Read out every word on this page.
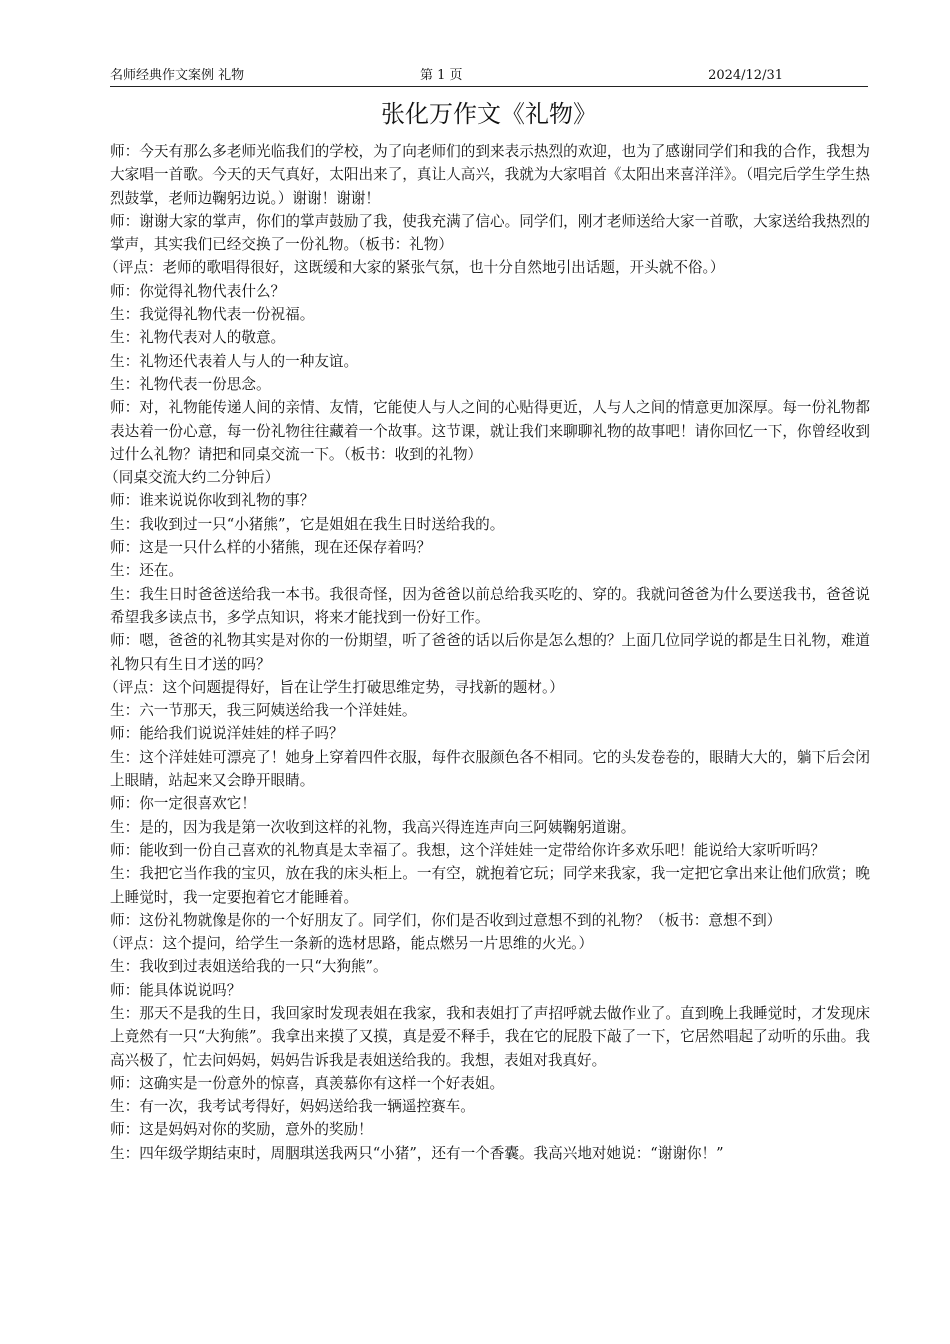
名师经典作文案例 礼物	第 1 页	2024/12/31
张化万作文《礼物》

师：今天有那么多老师光临我们的学校，为了向老师们的到来表示热烈的欢迎，也为了感谢同学们和我的合作，我想为大家唱一首歌。今天的天气真好，太阳出来了，真让人高兴，我就为大家唱首《太阳出来喜洋洋》。（唱完后学生学生热烈鼓掌，老师边鞠躬边说。）谢谢！谢谢！

师：谢谢大家的掌声，你们的掌声鼓励了我，使我充满了信心。同学们，刚才老师送给大家一首歌，大家送给我热烈的掌声，其实我们已经交换了一份礼物。（板书：礼物）

（评点：老师的歌唱得很好，这既缓和大家的紧张气氛，也十分自然地引出话题，开头就不俗。）

师：你觉得礼物代表什么？

生：我觉得礼物代表一份祝福。

生：礼物代表对人的敬意。

生：礼物还代表着人与人的一种友谊。

生：礼物代表一份思念。

师：对，礼物能传递人间的亲情、友情，它能使人与人之间的心贴得更近，人与人之间的情意更加深厚。每一份礼物都表达着一份心意，每一份礼物往往藏着一个故事。这节课，就让我们来聊聊礼物的故事吧！请你回忆一下，你曾经收到过什么礼物？请把和同桌交流一下。（板书：收到的礼物）

（同桌交流大约二分钟后）

师：谁来说说你收到礼物的事？

生：我收到过一只“小猪熊”，它是姐姐在我生日时送给我的。

师：这是一只什么样的小猪熊，现在还保存着吗？

生：还在。

生：我生日时爸爸送给我一本书。我很奇怪，因为爸爸以前总给我买吃的、穿的。我就问爸爸为什么要送我书，爸爸说希望我多读点书，多学点知识，将来才能找到一份好工作。

师：嗯，爸爸的礼物其实是对你的一份期望，听了爸爸的话以后你是怎么想的？上面几位同学说的都是生日礼物，难道礼物只有生日才送的吗？

（评点：这个问题提得好，旨在让学生打破思维定势，寻找新的题材。）

生：六一节那天，我三阿姨送给我一个洋娃娃。

师：能给我们说说洋娃娃的样子吗？

生：这个洋娃娃可漂亮了！她身上穿着四件衣服，每件衣服颜色各不相同。它的头发卷卷的，眼睛大大的，躺下后会闭上眼睛，站起来又会睁开眼睛。

师：你一定很喜欢它！

生：是的，因为我是第一次收到这样的礼物，我高兴得连连声向三阿姨鞠躬道谢。

师：能收到一份自己喜欢的礼物真是太幸福了。我想，这个洋娃娃一定带给你许多欢乐吧！能说给大家听听吗？

生：我把它当作我的宝贝，放在我的床头柜上。一有空，就抱着它玩；同学来我家，我一定把它拿出来让他们欣赏；晚上睡觉时，我一定要抱着它才能睡着。

师：这份礼物就像是你的一个好朋友了。同学们，你们是否收到过意想不到的礼物？（板书：意想不到）

（评点：这个提问，给学生一条新的选材思路，能点燃另一片思维的火光。）

生：我收到过表姐送给我的一只“大狗熊”。

师：能具体说说吗？

生：那天不是我的生日，我回家时发现表姐在我家，我和表姐打了声招呼就去做作业了。直到晚上我睡觉时，才发现床上竟然有一只“大狗熊”。我拿出来摸了又摸，真是爱不释手，我在它的屁股下敲了一下，它居然唱起了动听的乐曲。我高兴极了，忙去问妈妈，妈妈告诉我是表姐送给我的。我想，表姐对我真好。

师：这确实是一份意外的惊喜，真羡慕你有这样一个好表姐。

生：有一次，我考试考得好，妈妈送给我一辆遥控赛车。

师：这是妈妈对你的奖励，意外的奖励！

生：四年级学期结束时，周胭琪送我两只“小猪”，还有一个香囊。我高兴地对她说：“谢谢你！”
